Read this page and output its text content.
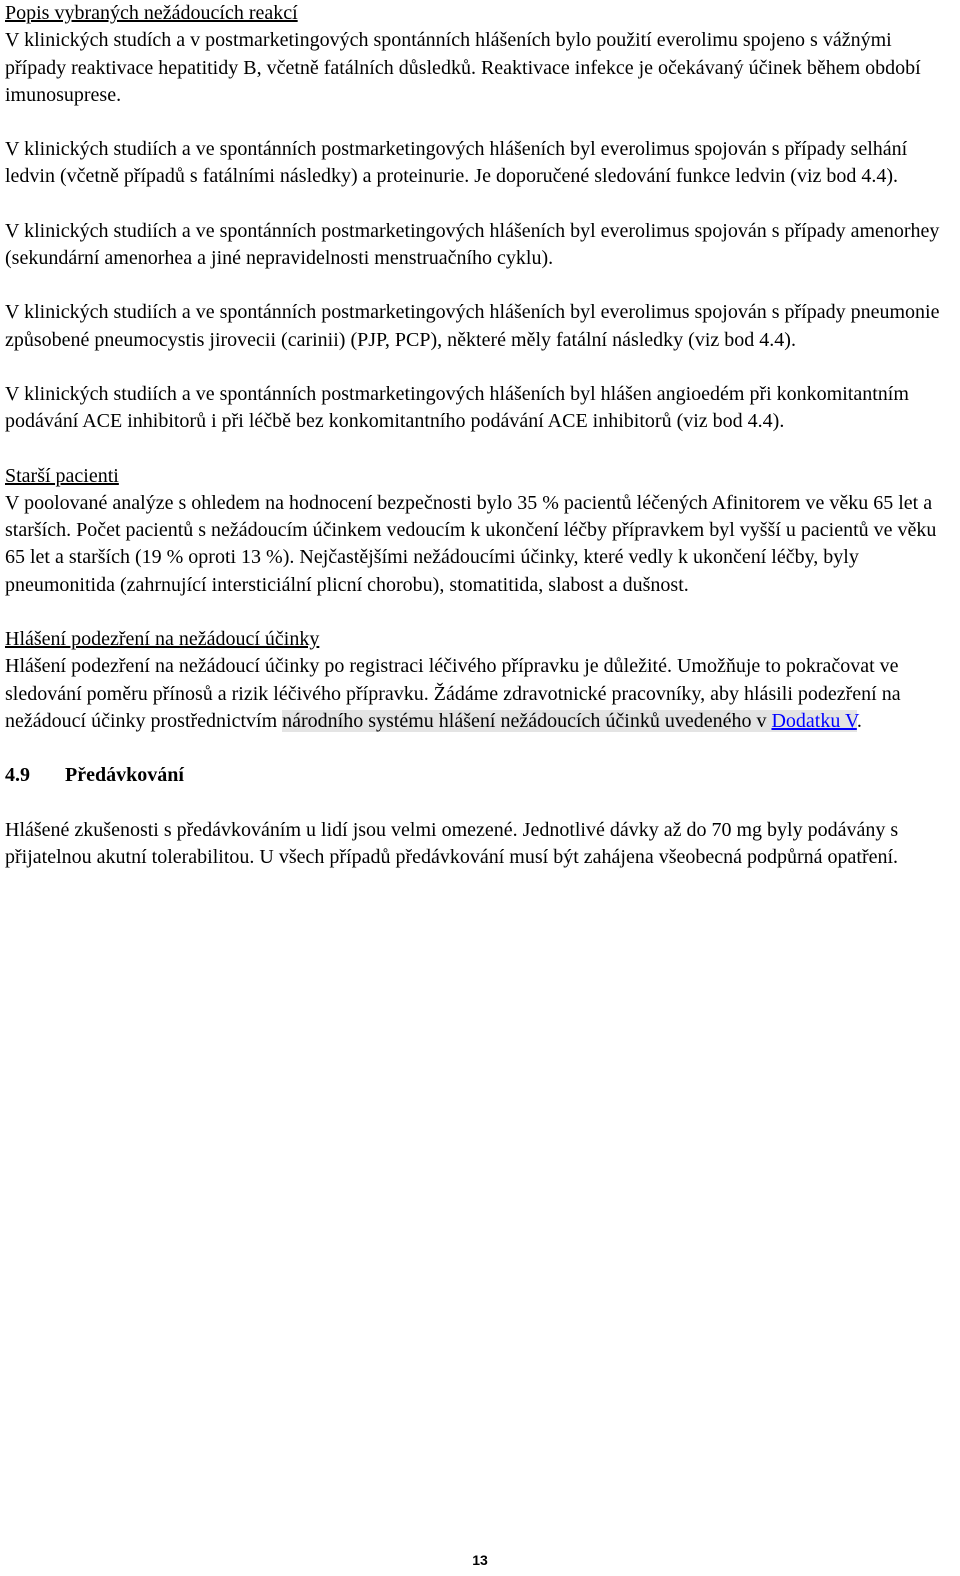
Popis vybraných nežádoucích reakcí

V klinických studích a v postmarketingových spontánních hlášeních bylo použití everolimu spojeno s vážnými případy reaktivace hepatitidy B, včetně fatálních důsledků. Reaktivace infekce je očekávaný účinek během období imunosuprese.

V klinických studiích a ve spontánních postmarketingových hlášeních byl everolimus spojován s případy selhání ledvin (včetně případů s fatálními následky) a proteinurie. Je doporučené sledování funkce ledvin (viz bod 4.4).

V klinických studiích a ve spontánních postmarketingových hlášeních byl everolimus spojován s případy amenorhey (sekundární amenorhea a jiné nepravidelnosti menstruačního cyklu).

V klinických studiích a ve spontánních postmarketingových hlášeních byl everolimus spojován s případy pneumonie způsobené pneumocystis jirovecii (carinii) (PJP, PCP), některé měly fatální následky (viz bod 4.4).

V klinických studiích a ve spontánních postmarketingových hlášeních byl hlášen angioedém při konkomitantním podávání ACE inhibitorů i při léčbě bez konkomitantního podávání ACE inhibitorů (viz bod 4.4).

Starší pacienti

V poolované analýze s ohledem na hodnocení bezpečnosti bylo 35 % pacientů léčených Afinitorem ve věku 65 let a starších. Počet pacientů s nežádoucím účinkem vedoucím k ukončení léčby přípravkem byl vyšší u pacientů ve věku 65 let a starších (19 % oproti 13 %). Nejčastějšími nežádoucími účinky, které vedly k ukončení léčby, byly pneumonitida (zahrnující intersticiální plicní chorobu), stomatitida, slabost a dušnost.

Hlášení podezření na nežádoucí účinky

Hlášení podezření na nežádoucí účinky po registraci léčivého přípravku je důležité. Umožňuje to pokračovat ve sledování poměru přínosů a rizik léčivého přípravku. Žádáme zdravotnické pracovníky, aby hlásili podezření na nežádoucí účinky prostřednictvím národního systému hlášení nežádoucích účinků uvedeného v Dodatku V.

4.9	Předávkování

Hlášené zkušenosti s předávkováním u lidí jsou velmi omezené. Jednotlivé dávky až do 70 mg byly podávány s přijatelnou akutní tolerabilitou. U všech případů předávkování musí být zahájena všeobecná podpůrná opatření.

13
